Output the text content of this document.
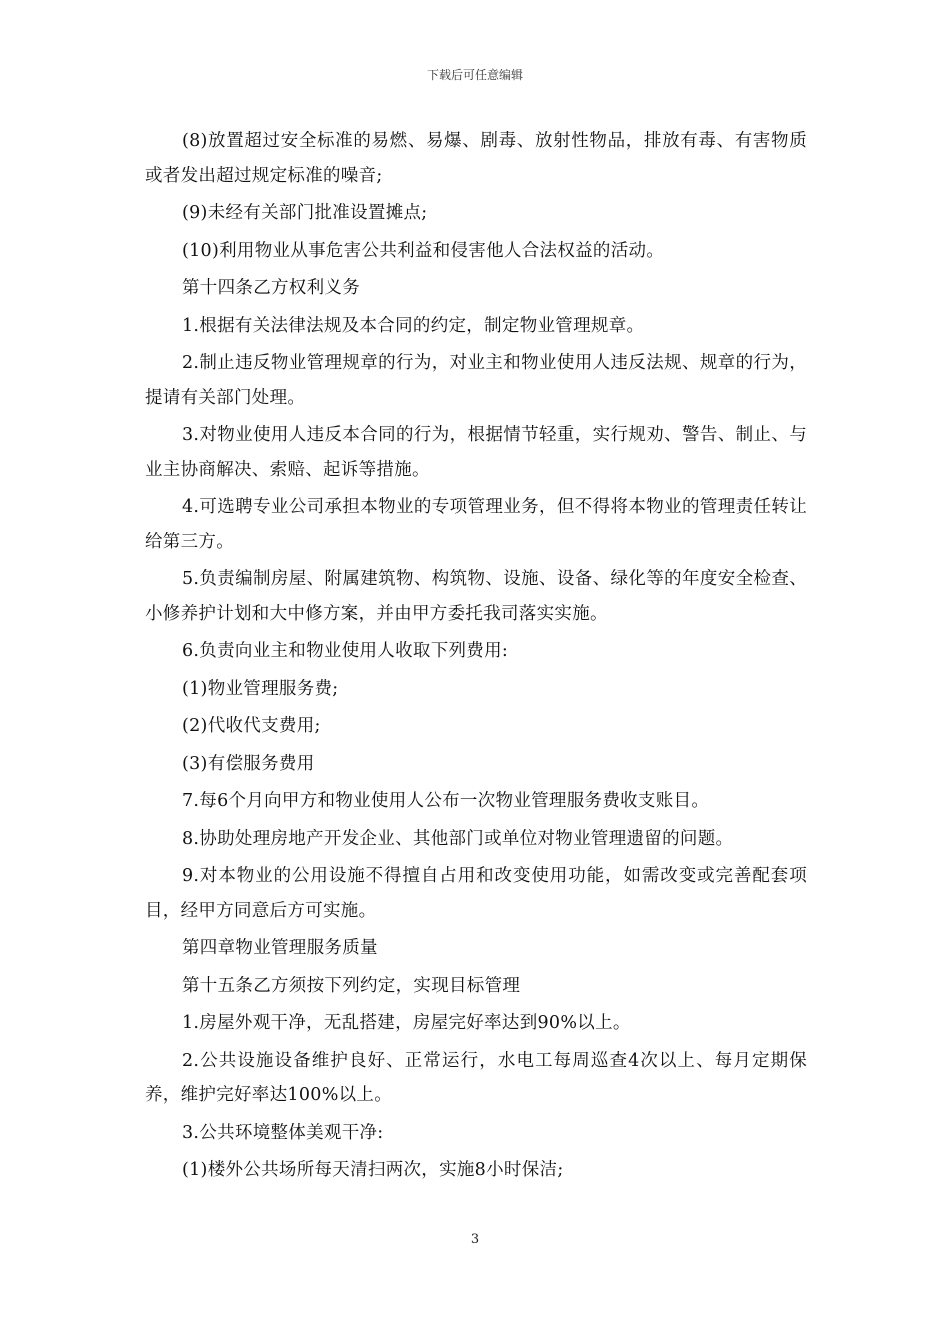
下载后可任意编辑

(8)放置超过安全标准的易燃、易爆、剧毒、放射性物品，排放有毒、有害物质或者发出超过规定标准的噪音;

(9)未经有关部门批准设置摊点;

(10)利用物业从事危害公共利益和侵害他人合法权益的活动。

第十四条乙方权利义务

1.根据有关法律法规及本合同的约定，制定物业管理规章。

2.制止违反物业管理规章的行为，对业主和物业使用人违反法规、规章的行为，提请有关部门处理。

3.对物业使用人违反本合同的行为，根据情节轻重，实行规劝、警告、制止、与业主协商解决、索赔、起诉等措施。

4.可选聘专业公司承担本物业的专项管理业务，但不得将本物业的管理责任转让给第三方。

5.负责编制房屋、附属建筑物、构筑物、设施、设备、绿化等的年度安全检查、小修养护计划和大中修方案，并由甲方委托我司落实实施。

6.负责向业主和物业使用人收取下列费用:

(1)物业管理服务费;

(2)代收代支费用;

(3)有偿服务费用

7.每6个月向甲方和物业使用人公布一次物业管理服务费收支账目。

8.协助处理房地产开发企业、其他部门或单位对物业管理遗留的问题。

9.对本物业的公用设施不得擅自占用和改变使用功能，如需改变或完善配套项目，经甲方同意后方可实施。

第四章物业管理服务质量

第十五条乙方须按下列约定，实现目标管理

1.房屋外观干净，无乱搭建，房屋完好率达到90%以上。

2.公共设施设备维护良好、正常运行，水电工每周巡查4次以上、每月定期保养，维护完好率达100%以上。

3.公共环境整体美观干净:

(1)楼外公共场所每天清扫两次，实施8小时保洁;

3
